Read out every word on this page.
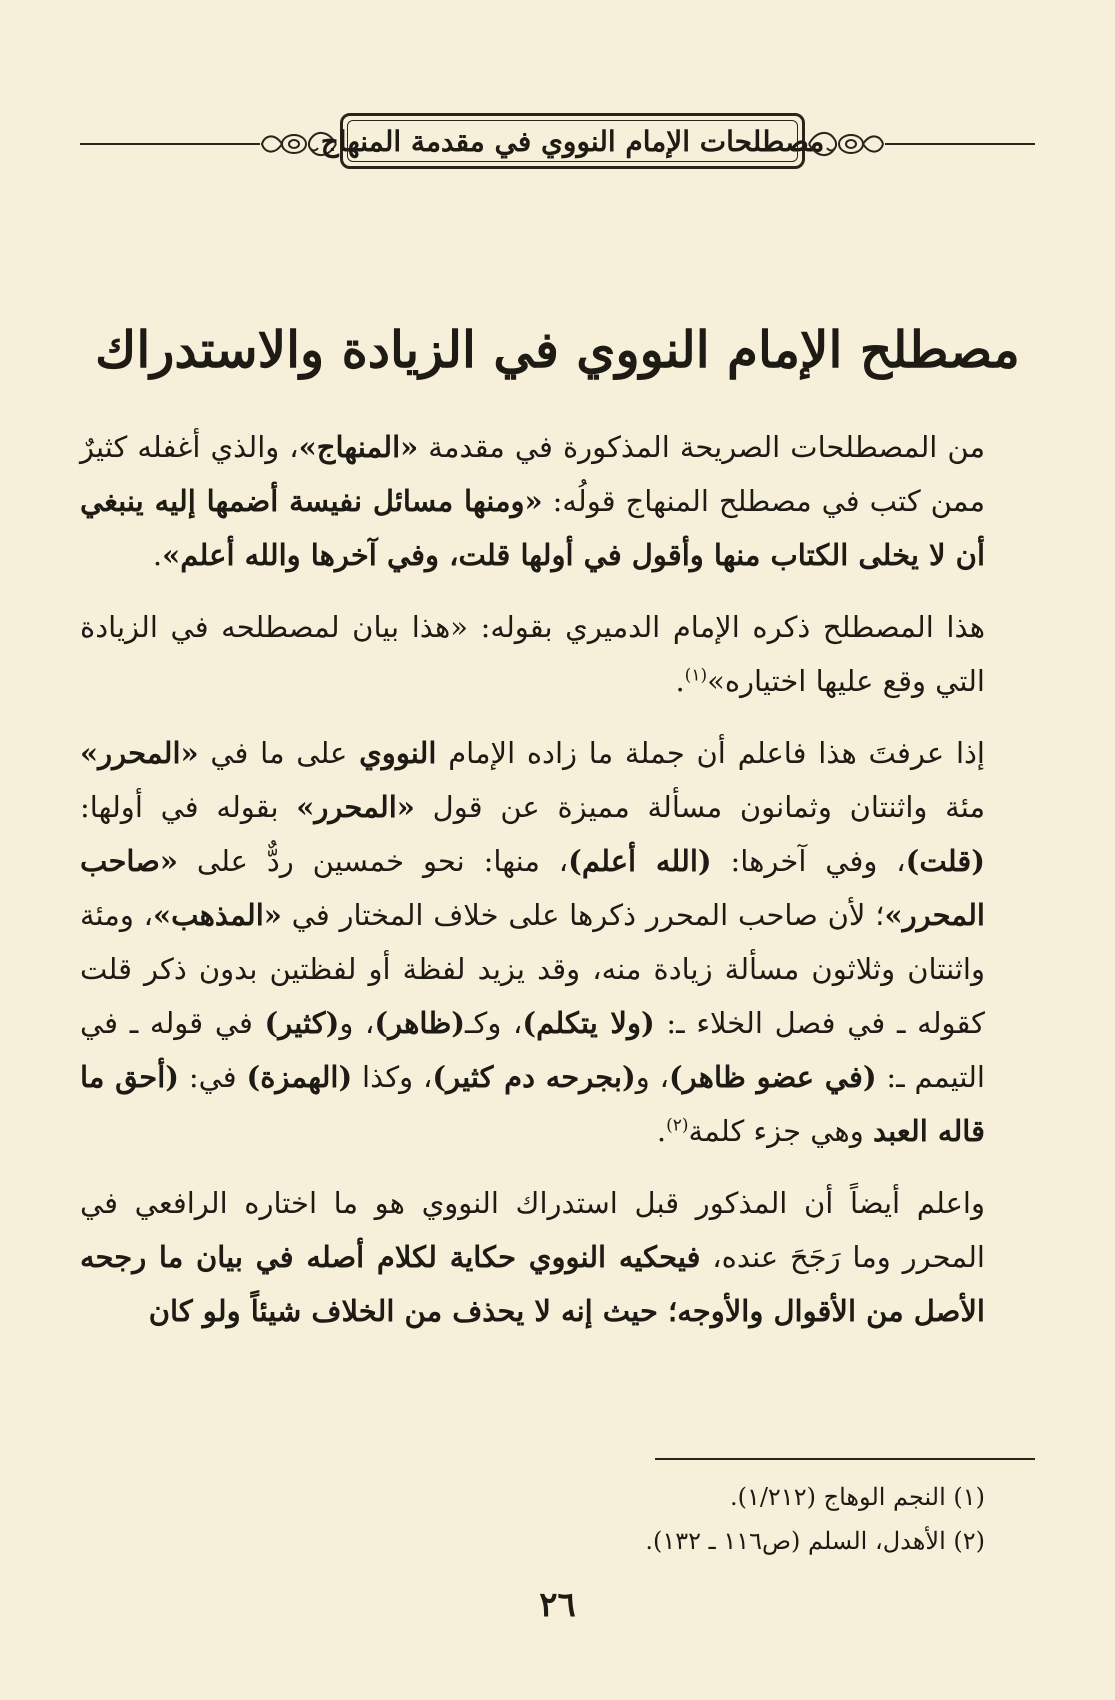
مصطلحات الإمام النووي في مقدمة المنهاج
مصطلح الإمام النووي في الزيادة والاستدراك

من المصطلحات الصريحة المذكورة في مقدمة «المنهاج»، والذي أغفله كثيرٌ ممن كتب في مصطلح المنهاج قولُه: «ومنها مسائل نفيسة أضمها إليه ينبغي أن لا يخلى الكتاب منها وأقول في أولها قلت، وفي آخرها والله أعلم».

هذا المصطلح ذكره الإمام الدميري بقوله: «هذا بيان لمصطلحه في الزيادة التي وقع عليها اختياره»$^{(١)}$.

إذا عرفتَ هذا فاعلم أن جملة ما زاده الإمام النووي على ما في «المحرر» مئة واثنتان وثمانون مسألة مميزة عن قول «المحرر» بقوله في أولها: (قلت)، وفي آخرها: (الله أعلم)، منها: نحو خمسين ردٌّ على «صاحب المحرر»؛ لأن صاحب المحرر ذكرها على خلاف المختار في «المذهب»، ومئة واثنتان وثلاثون مسألة زيادة منه، وقد يزيد لفظة أو لفظتين بدون ذكر قلت كقوله ـ في فصل الخلاء ـ: (ولا يتكلم)، وكـ(ظاهر)، و(كثير) في قوله ـ في التيمم ـ: (في عضو ظاهر)، و(بجرحه دم كثير)، وكذا (الهمزة) في: (أحق ما قاله العبد وهي جزء كلمة$^{(٢)}$.

واعلم أيضاً أن المذكور قبل استدراك النووي هو ما اختاره الرافعي في المحرر وما رَجَحَ عنده، فيحكيه النووي حكاية لكلام أصله في بيان ما رجحه الأصل من الأقوال والأوجه؛ حيث إنه لا يحذف من الخلاف شيئاً ولو كان

(١) النجم الوهاج (١/٢١٢).
(٢) الأهدل، السلم (ص١١٦ ـ ١٣٢).
٢٦
